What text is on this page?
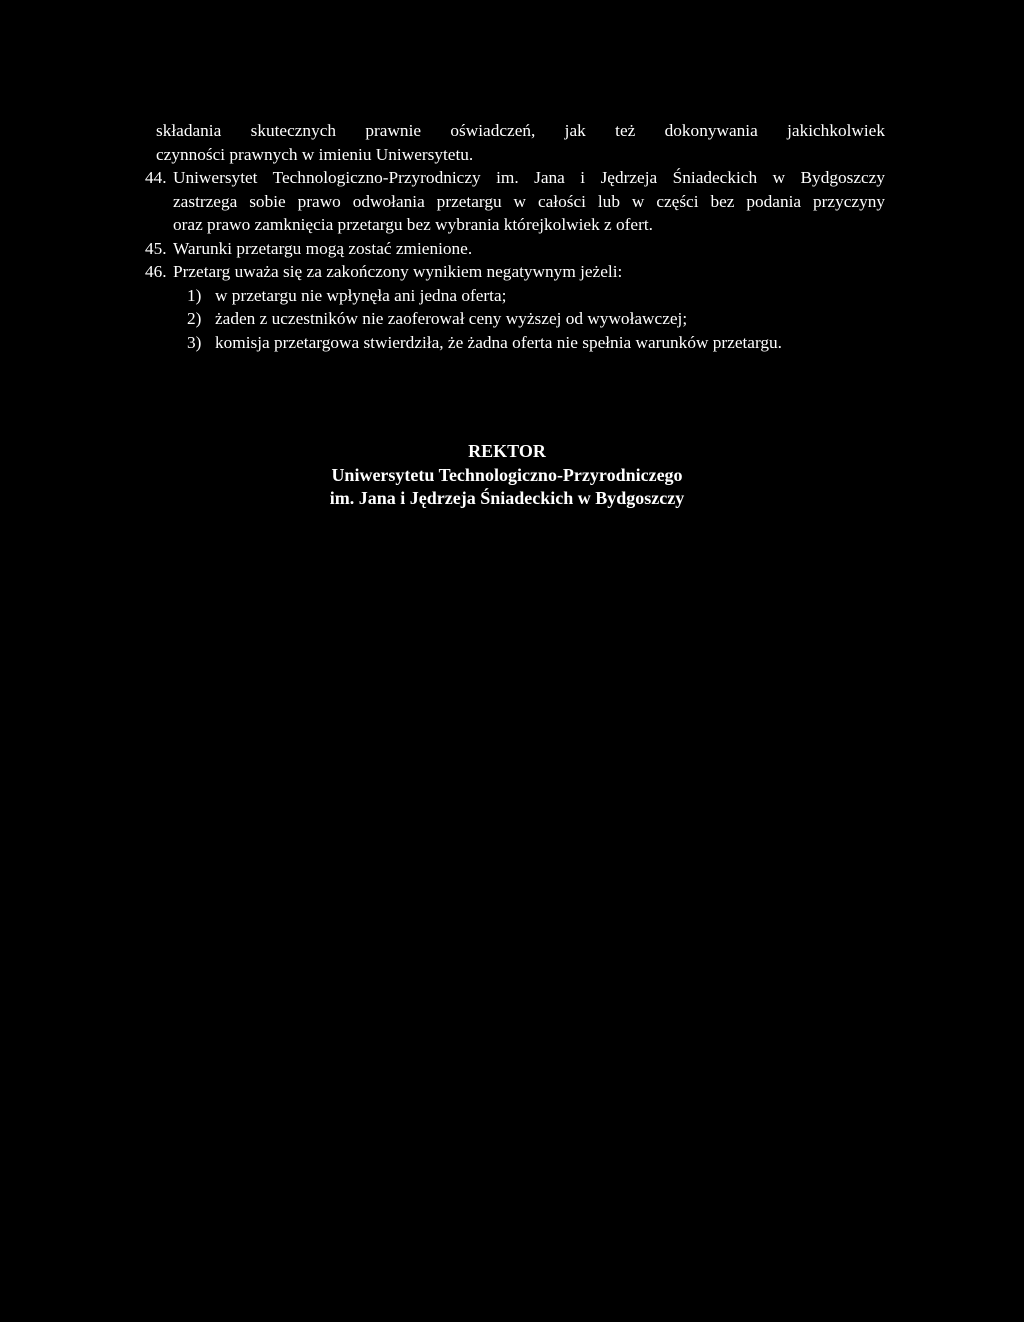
składania skutecznych prawnie oświadczeń, jak też dokonywania jakichkolwiek
czynności prawnych w imieniu Uniwersytetu.
44. Uniwersytet Technologiczno-Przyrodniczy im. Jana i Jędrzeja Śniadeckich w Bydgoszczy
zastrzega sobie prawo odwołania przetargu w całości lub w części bez podania przyczyny
oraz prawo zamknięcia przetargu bez wybrania którejkolwiek z ofert.
45. Warunki przetargu mogą zostać zmienione.
46. Przetarg uważa się za zakończony wynikiem negatywnym jeżeli:
1) w przetargu nie wpłynęła ani jedna oferta;
2) żaden z uczestników nie zaoferował ceny wyższej od wywoławczej;
3) komisja przetargowa stwierdziła, że żadna oferta nie spełnia warunków przetargu.
REKTOR
Uniwersytetu Technologiczno-Przyrodniczego
im. Jana i Jędrzeja Śniadeckich w Bydgoszczy
